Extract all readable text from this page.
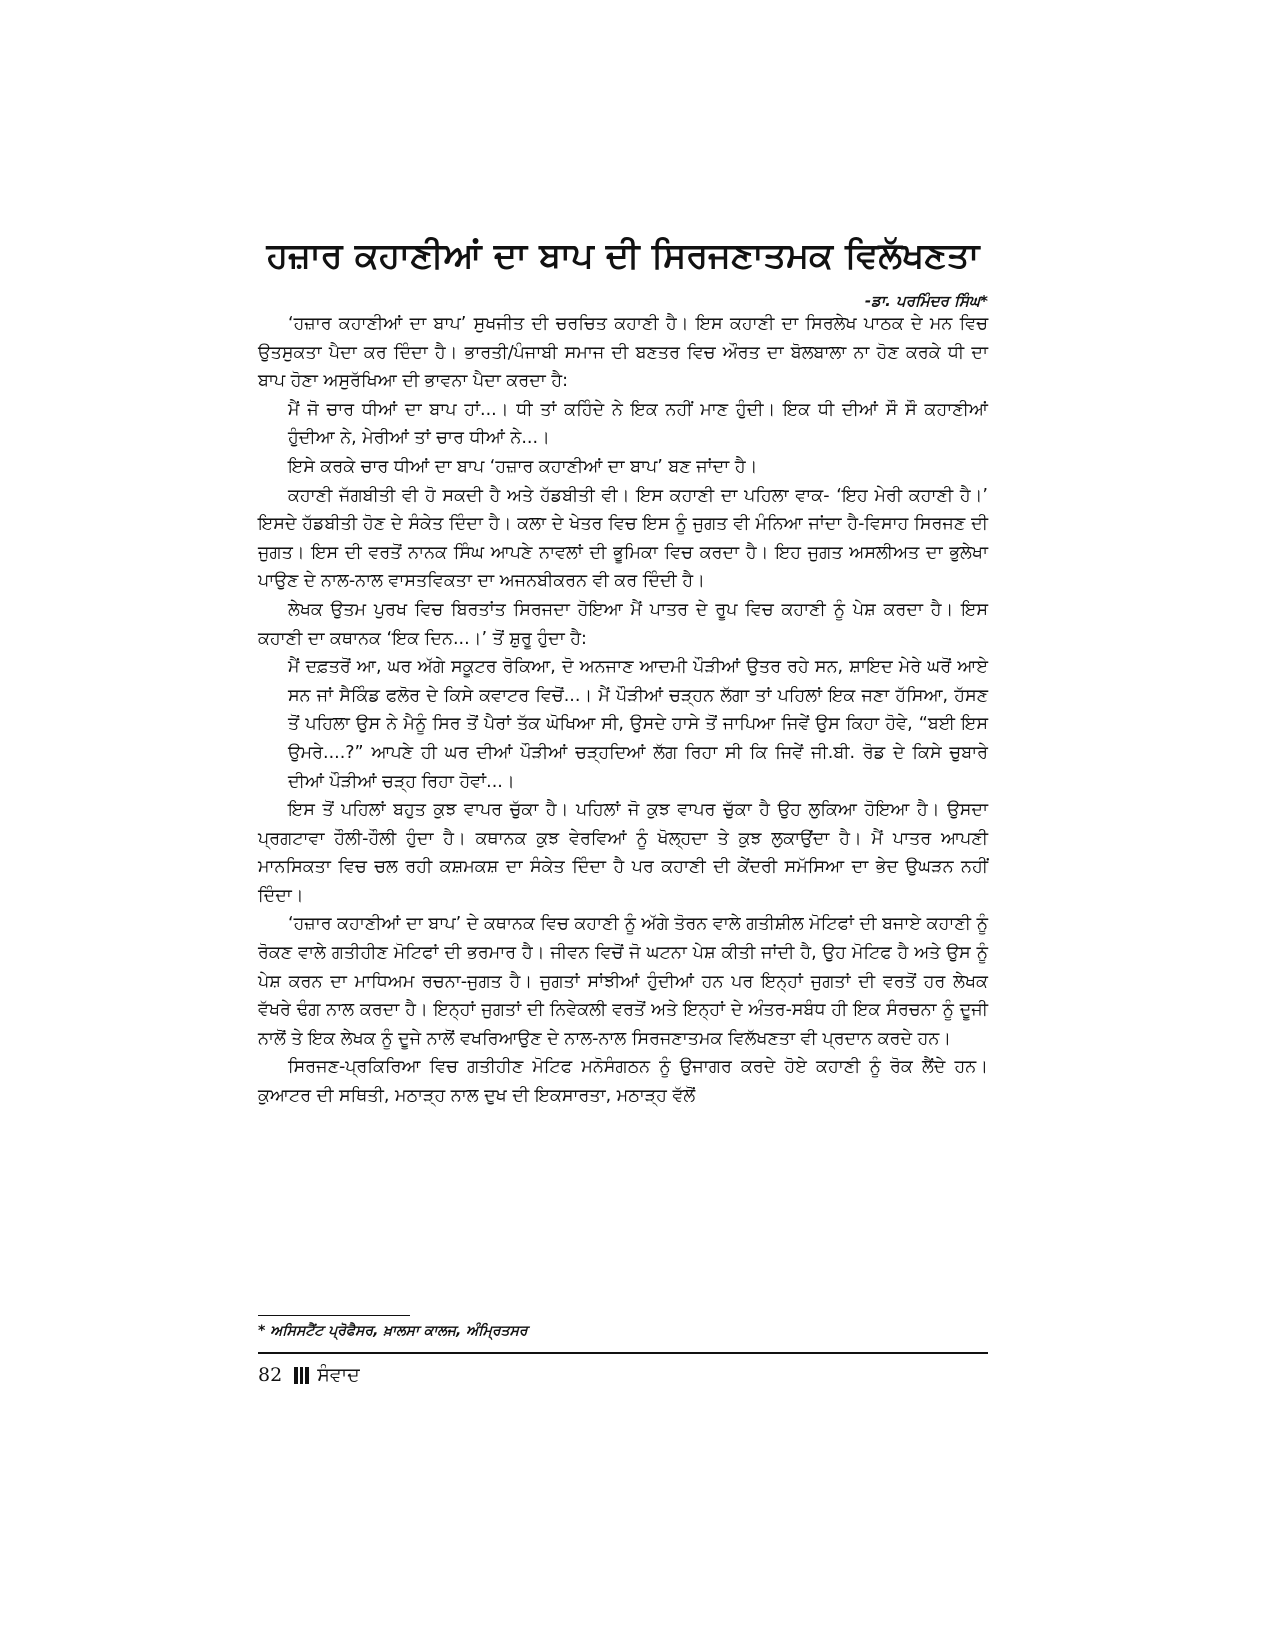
ਹਜ਼ਾਰ ਕਹਾਣੀਆਂ ਦਾ ਬਾਪ ਦੀ ਸਿਰਜਣਾਤਮਕ ਵਿਲੱਖਣਤਾ
-ਡਾ. ਪਰਮਿੰਦਰ ਸਿੰਘ*

‘ਹਜ਼ਾਰ ਕਹਾਣੀਆਂ ਦਾ ਬਾਪ’ ਸੁਖਜੀਤ ਦੀ ਚਰਚਿਤ ਕਹਾਣੀ ਹੈ। ਇਸ ਕਹਾਣੀ ਦਾ ਸਿਰਲੇਖ ਪਾਠਕ ਦੇ ਮਨ ਵਿਚ ਉਤਸੁਕਤਾ ਪੈਦਾ ਕਰ ਦਿੰਦਾ ਹੈ। ਭਾਰਤੀ/ਪੰਜਾਬੀ ਸਮਾਜ ਦੀ ਬਣਤਰ ਵਿਚ ਔਰਤ ਦਾ ਬੋਲਬਾਲਾ ਨਾ ਹੋਣ ਕਰਕੇ ਧੀ ਦਾ ਬਾਪ ਹੋਣਾ ਅਸੁਰੱਖਿਆ ਦੀ ਭਾਵਨਾ ਪੈਦਾ ਕਰਦਾ ਹੈ:

ਮੈਂ ਜੋ ਚਾਰ ਧੀਆਂ ਦਾ ਬਾਪ ਹਾਂ...। ਧੀ ਤਾਂ ਕਹਿੰਦੇ ਨੇ ਇਕ ਨਹੀਂ ਮਾਣ ਹੁੰਦੀ। ਇਕ ਧੀ ਦੀਆਂ ਸੌ ਸੌ ਕਹਾਣੀਆਂ ਹੁੰਦੀਆ ਨੇ, ਮੇਰੀਆਂ ਤਾਂ ਚਾਰ ਧੀਆਂ ਨੇ...।

ਇਸੇ ਕਰਕੇ ਚਾਰ ਧੀਆਂ ਦਾ ਬਾਪ ‘ਹਜ਼ਾਰ ਕਹਾਣੀਆਂ ਦਾ ਬਾਪ’ ਬਣ ਜਾਂਦਾ ਹੈ।

ਕਹਾਣੀ ਜੱਗਬੀਤੀ ਵੀ ਹੋ ਸਕਦੀ ਹੈ ਅਤੇ ਹੱਡਬੀਤੀ ਵੀ। ਇਸ ਕਹਾਣੀ ਦਾ ਪਹਿਲਾ ਵਾਕ- ‘ਇਹ ਮੇਰੀ ਕਹਾਣੀ ਹੈ।’ ਇਸਦੇ ਹੱਡਬੀਤੀ ਹੋਣ ਦੇ ਸੰਕੇਤ ਦਿੰਦਾ ਹੈ। ਕਲਾ ਦੇ ਖੇਤਰ ਵਿਚ ਇਸ ਨੂੰ ਜੁਗਤ ਵੀ ਮੰਨਿਆ ਜਾਂਦਾ ਹੈ-ਵਿਸਾਹ ਸਿਰਜਣ ਦੀ ਜੁਗਤ। ਇਸ ਦੀ ਵਰਤੋਂ ਨਾਨਕ ਸਿੰਘ ਆਪਣੇ ਨਾਵਲਾਂ ਦੀ ਭੂਮਿਕਾ ਵਿਚ ਕਰਦਾ ਹੈ। ਇਹ ਜੁਗਤ ਅਸਲੀਅਤ ਦਾ ਭੁਲੇਖਾ ਪਾਉਣ ਦੇ ਨਾਲ-ਨਾਲ ਵਾਸਤਵਿਕਤਾ ਦਾ ਅਜਨਬੀਕਰਨ ਵੀ ਕਰ ਦਿੰਦੀ ਹੈ।

ਲੇਖਕ ਉਤਮ ਪੁਰਖ ਵਿਚ ਬਿਰਤਾਂਤ ਸਿਰਜਦਾ ਹੋਇਆ ਮੈਂ ਪਾਤਰ ਦੇ ਰੂਪ ਵਿਚ ਕਹਾਣੀ ਨੂੰ ਪੇਸ਼ ਕਰਦਾ ਹੈ। ਇਸ ਕਹਾਣੀ ਦਾ ਕਥਾਨਕ ‘ਇਕ ਦਿਨ...।’ ਤੋਂ ਸ਼ੁਰੂ ਹੁੰਦਾ ਹੈ:

ਮੈਂ ਦਫ਼ਤਰੋਂ ਆ, ਘਰ ਅੱਗੇ ਸਕੂਟਰ ਰੋਕਿਆ, ਦੋ ਅਨਜਾਣ ਆਦਮੀ ਪੌੜੀਆਂ ਉਤਰ ਰਹੇ ਸਨ, ਸ਼ਾਇਦ ਮੇਰੇ ਘਰੋਂ ਆਏ ਸਨ ਜਾਂ ਸੈਕਿੰਡ ਫਲੋਰ ਦੇ ਕਿਸੇ ਕਵਾਟਰ ਵਿਚੋਂ...। ਮੈਂ ਪੌੜੀਆਂ ਚੜ੍ਹਨ ਲੱਗਾ ਤਾਂ ਪਹਿਲਾਂ ਇਕ ਜਣਾ ਹੱਸਿਆ, ਹੱਸਣ ਤੋਂ ਪਹਿਲਾ ਉਸ ਨੇ ਮੈਨੂੰ ਸਿਰ ਤੋਂ ਪੈਰਾਂ ਤੱਕ ਘੋਖਿਆ ਸੀ, ਉਸਦੇ ਹਾਸੇ ਤੋਂ ਜਾਪਿਆ ਜਿਵੇਂ ਉਸ ਕਿਹਾ ਹੋਵੇ, “ਬਈ ਇਸ ਉਮਰੇ....?” ਆਪਣੇ ਹੀ ਘਰ ਦੀਆਂ ਪੌੜੀਆਂ ਚੜ੍ਹਦਿਆਂ ਲੱਗ ਰਿਹਾ ਸੀ ਕਿ ਜਿਵੇਂ ਜੀ.ਬੀ. ਰੋਡ ਦੇ ਕਿਸੇ ਚੁਬਾਰੇ ਦੀਆਂ ਪੌੜੀਆਂ ਚੜ੍ਹ ਰਿਹਾ ਹੋਵਾਂ...।

ਇਸ ਤੋਂ ਪਹਿਲਾਂ ਬਹੁਤ ਕੁਝ ਵਾਪਰ ਚੁੱਕਾ ਹੈ। ਪਹਿਲਾਂ ਜੋ ਕੁਝ ਵਾਪਰ ਚੁੱਕਾ ਹੈ ਉਹ ਲੁਕਿਆ ਹੋਇਆ ਹੈ। ਉਸਦਾ ਪ੍ਰਗਟਾਵਾ ਹੌਲੀ-ਹੌਲੀ ਹੁੰਦਾ ਹੈ। ਕਥਾਨਕ ਕੁਝ ਵੇਰਵਿਆਂ ਨੂੰ ਖੋਲ੍ਹਦਾ ਤੇ ਕੁਝ ਲੁਕਾਉਂਦਾ ਹੈ। ਮੈਂ ਪਾਤਰ ਆਪਣੀ ਮਾਨਸਿਕਤਾ ਵਿਚ ਚਲ ਰਹੀ ਕਸ਼ਮਕਸ਼ ਦਾ ਸੰਕੇਤ ਦਿੰਦਾ ਹੈ ਪਰ ਕਹਾਣੀ ਦੀ ਕੇਂਦਰੀ ਸਮੱਸਿਆ ਦਾ ਭੇਦ ਉਘੜਨ ਨਹੀਂ ਦਿੰਦਾ।

‘ਹਜ਼ਾਰ ਕਹਾਣੀਆਂ ਦਾ ਬਾਪ’ ਦੇ ਕਥਾਨਕ ਵਿਚ ਕਹਾਣੀ ਨੂੰ ਅੱਗੇ ਤੋਰਨ ਵਾਲੇ ਗਤੀਸ਼ੀਲ ਮੋਟਿਫਾਂ ਦੀ ਬਜਾਏ ਕਹਾਣੀ ਨੂੰ ਰੋਕਣ ਵਾਲੇ ਗਤੀਹੀਣ ਮੋਟਿਫਾਂ ਦੀ ਭਰਮਾਰ ਹੈ। ਜੀਵਨ ਵਿਚੋਂ ਜੋ ਘਟਨਾ ਪੇਸ਼ ਕੀਤੀ ਜਾਂਦੀ ਹੈ, ਉਹ ਮੋਟਿਫ ਹੈ ਅਤੇ ਉਸ ਨੂੰ ਪੇਸ਼ ਕਰਨ ਦਾ ਮਾਧਿਅਮ ਰਚਨਾ-ਜੁਗਤ ਹੈ। ਜੁਗਤਾਂ ਸਾਂਝੀਆਂ ਹੁੰਦੀਆਂ ਹਨ ਪਰ ਇਨ੍ਹਾਂ ਜੁਗਤਾਂ ਦੀ ਵਰਤੋਂ ਹਰ ਲੇਖਕ ਵੱਖਰੇ ਢੰਗ ਨਾਲ ਕਰਦਾ ਹੈ। ਇਨ੍ਹਾਂ ਜੁਗਤਾਂ ਦੀ ਨਿਵੇਕਲੀ ਵਰਤੋਂ ਅਤੇ ਇਨ੍ਹਾਂ ਦੇ ਅੰਤਰ-ਸਬੰਧ ਹੀ ਇਕ ਸੰਰਚਨਾ ਨੂੰ ਦੂਜੀ ਨਾਲੋਂ ਤੇ ਇਕ ਲੇਖਕ ਨੂੰ ਦੂਜੇ ਨਾਲੋਂ ਵਖਰਿਆਉਣ ਦੇ ਨਾਲ-ਨਾਲ ਸਿਰਜਣਾਤਮਕ ਵਿਲੱਖਣਤਾ ਵੀ ਪ੍ਰਦਾਨ ਕਰਦੇ ਹਨ।

ਸਿਰਜਣ-ਪ੍ਰਕਿਰਿਆ ਵਿਚ ਗਤੀਹੀਣ ਮੋਟਿਫ ਮਨੋਸੰਗਠਨ ਨੂੰ ਉਜਾਗਰ ਕਰਦੇ ਹੋਏ ਕਹਾਣੀ ਨੂੰ ਰੋਕ ਲੈਂਦੇ ਹਨ। ਕੁਆਟਰ ਦੀ ਸਥਿਤੀ, ਮਠਾੜ੍ਹ ਨਾਲ ਦੁਖ ਦੀ ਇਕਸਾਰਤਾ, ਮਠਾੜ੍ਹ ਵੱਲੋਂ

* ਅਸਿਸਟੈਂਟ ਪ੍ਰੋਫੈਸਰ, ਖ਼ਾਲਸਾ ਕਾਲਜ, ਅੰਮ੍ਰਿਤਸਰ
82 ਸੰਵਾਦ
